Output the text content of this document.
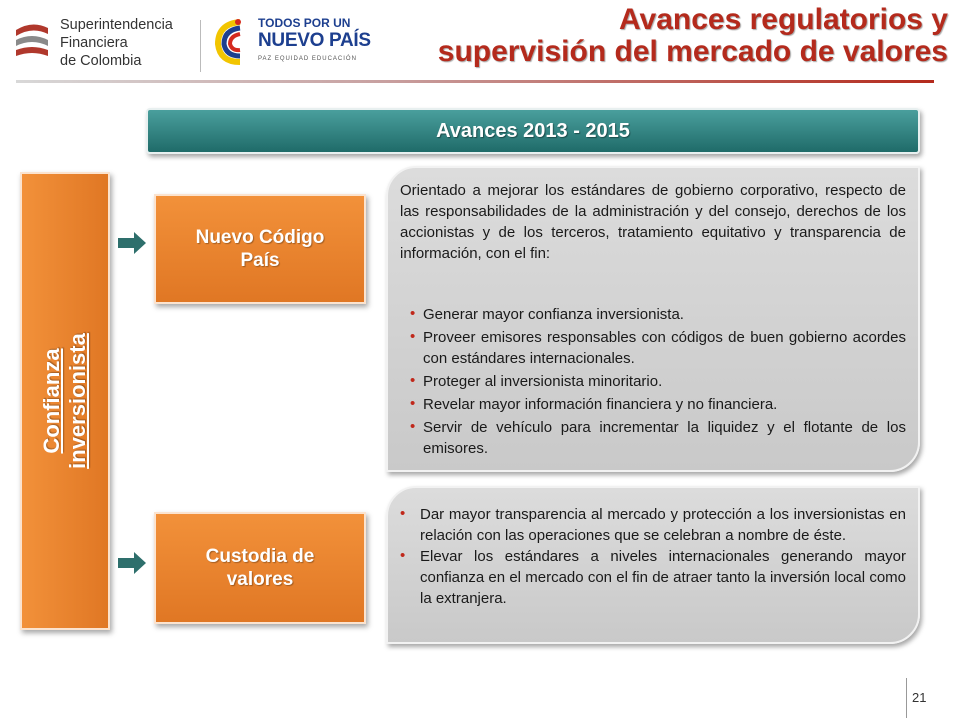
Superintendencia
Financiera
de Colombia
TODOS POR UN
NUEVO PAÍS
PAZ EQUIDAD EDUCACIÓN
Avances regulatorios y
supervisión del mercado de valores
Avances 2013 - 2015
Confianza inversionista
Nuevo Código
País
Custodia de
valores
Orientado a mejorar los estándares de gobierno corporativo, respecto de las responsabilidades de la administración y del consejo, derechos de los accionistas y de los terceros, tratamiento equitativo y transparencia de información, con el fin:
• Generar mayor confianza inversionista.
• Proveer emisores responsables con códigos de buen gobierno acordes con estándares internacionales.
• Proteger al inversionista minoritario.
• Revelar mayor información financiera y no financiera.
• Servir de vehículo para incrementar la liquidez y el flotante de los emisores.
• Dar mayor transparencia al mercado y protección a los inversionistas en relación con las operaciones que se celebran a nombre de éste.
• Elevar los estándares a niveles internacionales generando mayor confianza en el mercado con el fin de atraer tanto la inversión local como la extranjera.
21
